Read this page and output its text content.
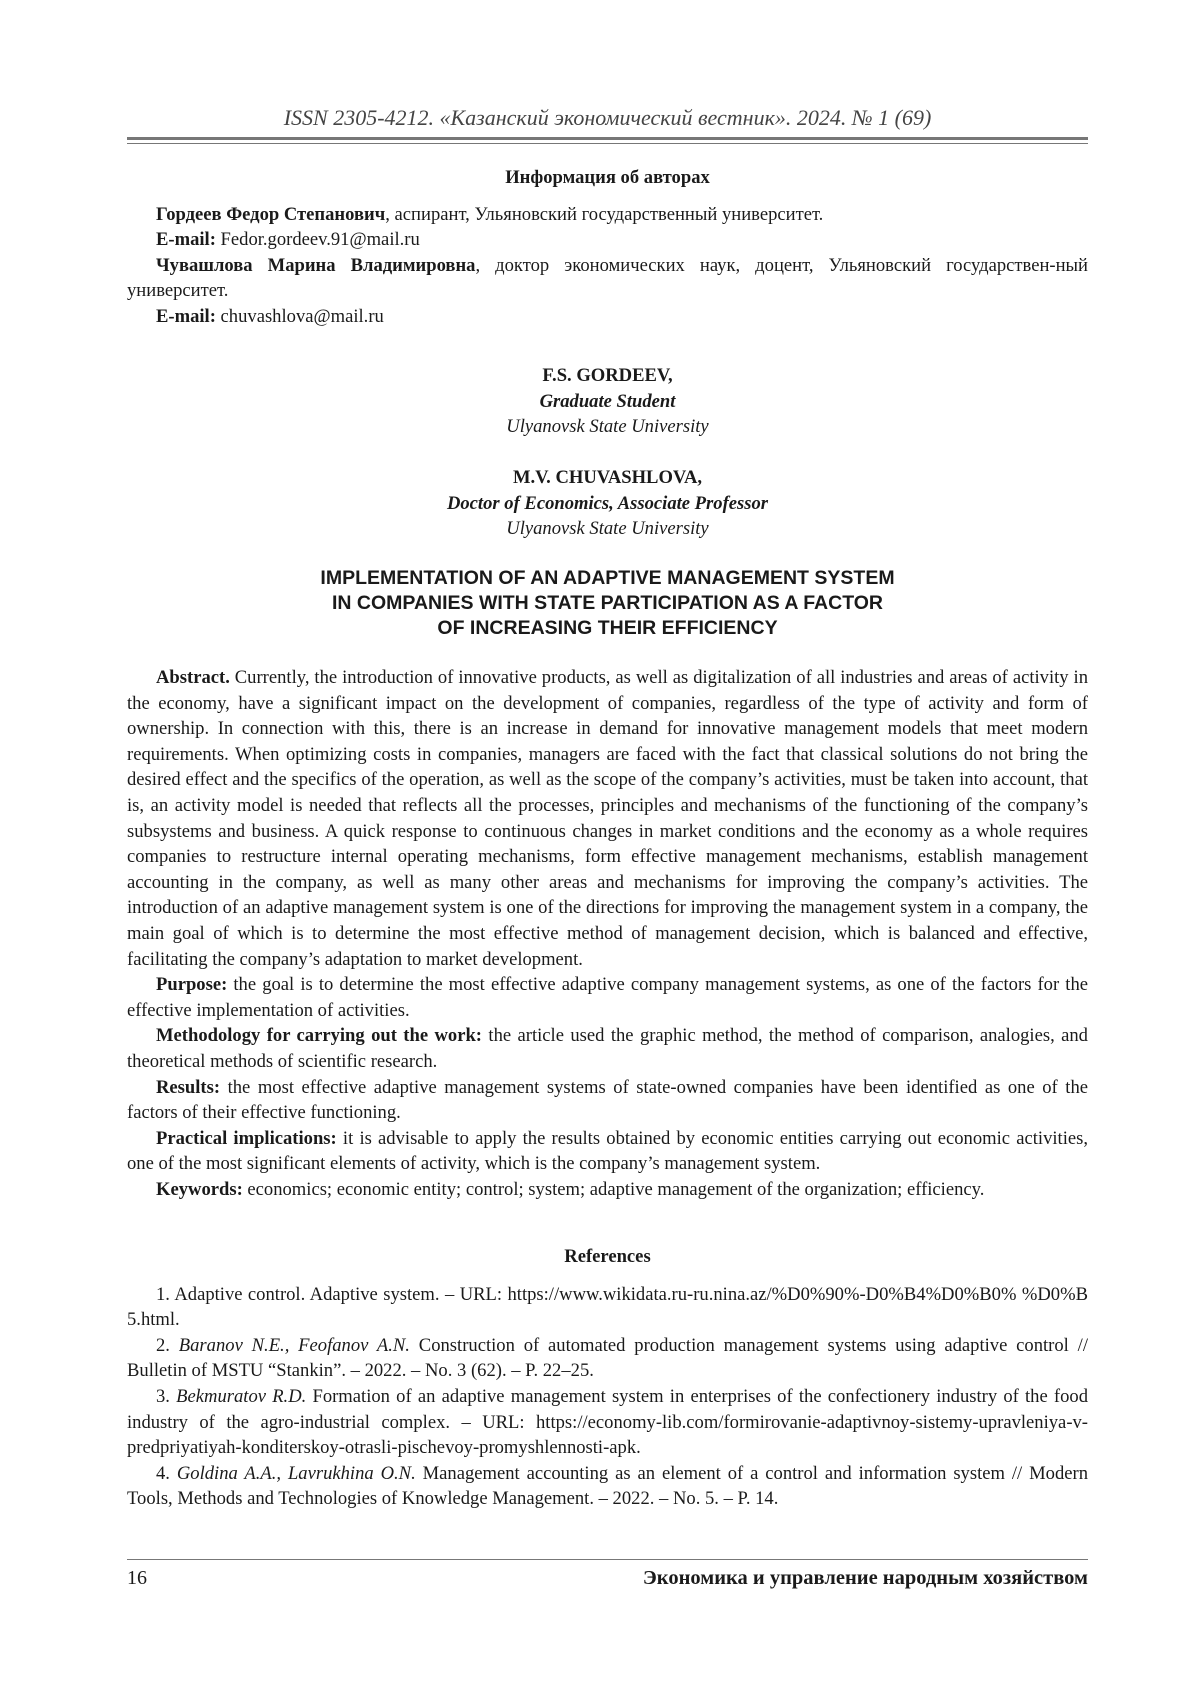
ISSN 2305-4212. «Казанский экономический вестник». 2024. № 1 (69)

Информация об авторах

Гордеев Федор Степанович, аспирант, Ульяновский государственный университет.

E-mail: Fedor.gordeev.91@mail.ru

Чувашлова Марина Владимировна, доктор экономических наук, доцент, Ульяновский государствен-ный университет.

E-mail: chuvashlova@mail.ru

F.S. GORDEEV,

Graduate Student

Ulyanovsk State University

M.V. CHUVASHLOVA,

Doctor of Economics, Associate Professor

Ulyanovsk State University

IMPLEMENTATION OF AN ADAPTIVE MANAGEMENT SYSTEM
IN COMPANIES WITH STATE PARTICIPATION AS A FACTOR
OF INCREASING THEIR EFFICIENCY

Abstract. Currently, the introduction of innovative products, as well as digitalization of all industries and areas of activity in the economy, have a significant impact on the development of companies, regardless of the type of activity and form of ownership. In connection with this, there is an increase in demand for innovative management models that meet modern requirements. When optimizing costs in companies, managers are faced with the fact that classical solutions do not bring the desired effect and the specifics of the operation, as well as the scope of the company’s activities, must be taken into account, that is, an activity model is needed that reflects all the processes, principles and mechanisms of the functioning of the company’s subsystems and business. A quick response to continuous changes in market conditions and the economy as a whole requires companies to restructure internal operating mechanisms, form effective management mechanisms, establish management accounting in the company, as well as many other areas and mechanisms for improving the company’s activities. The introduction of an adaptive management system is one of the directions for improving the management system in a company, the main goal of which is to determine the most effective method of management decision, which is balanced and effective, facilitating the company’s adaptation to market development.

Purpose: the goal is to determine the most effective adaptive company management systems, as one of the factors for the effective implementation of activities.

Methodology for carrying out the work: the article used the graphic method, the method of comparison, analogies, and theoretical methods of scientific research.

Results: the most effective adaptive management systems of state-owned companies have been identified as one of the factors of their effective functioning.

Practical implications: it is advisable to apply the results obtained by economic entities carrying out economic activities, one of the most significant elements of activity, which is the company’s management system.

Keywords: economics; economic entity; control; system; adaptive management of the organization; efficiency.

References

1. Adaptive control. Adaptive system. – URL: https://www.wikidata.ru-ru.nina.az/%D0%90%-D0%B4%D0%B0% %D0%B5.html.

2. Baranov N.E., Feofanov A.N. Construction of automated production management systems using adaptive control // Bulletin of MSTU “Stankin”. – 2022. – No. 3 (62). – P. 22–25.

3. Bekmuratov R.D. Formation of an adaptive management system in enterprises of the confectionery industry of the food industry of the agro-industrial complex. – URL: https://economy-lib.com/formirovanie-adaptivnoy-sistemy-upravleniya-v-predpriyatiyah-konditerskoy-otrasli-pischevoy-promyshlennosti-apk.

4. Goldina A.A., Lavrukhina O.N. Management accounting as an element of a control and information system // Modern Tools, Methods and Technologies of Knowledge Management. – 2022. – No. 5. – P. 14.

16	Экономика и управление народным хозяйством
